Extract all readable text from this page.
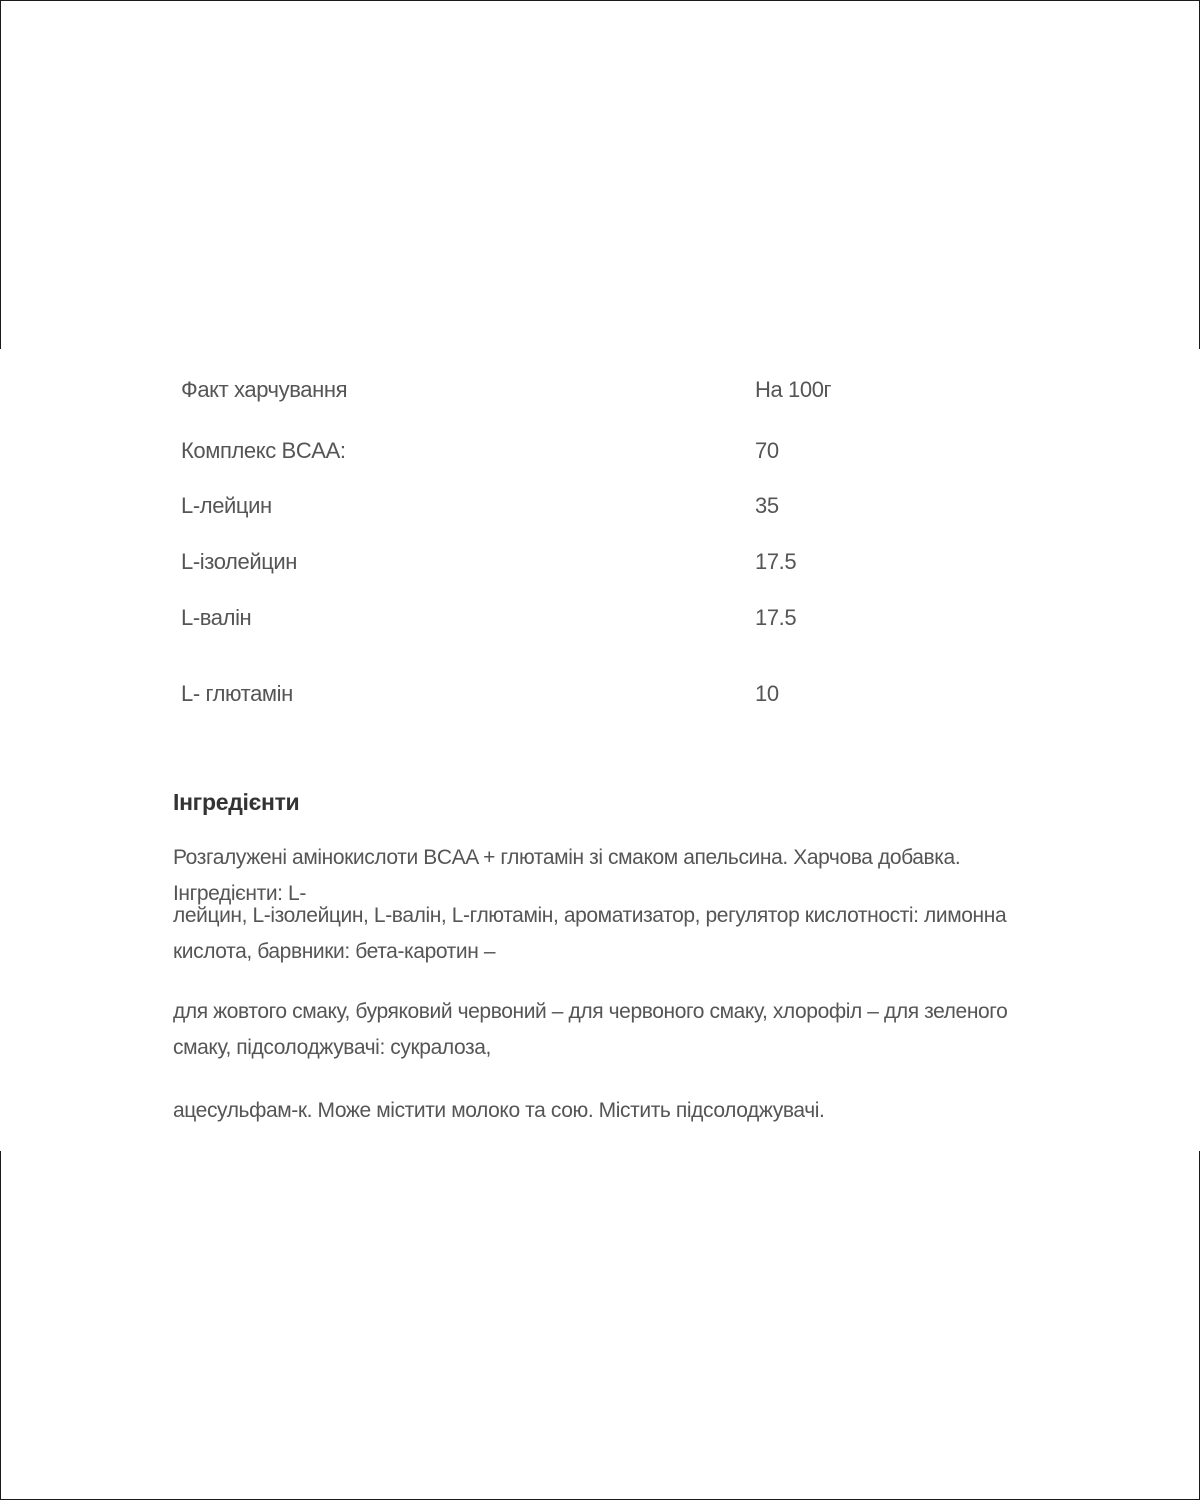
Факт харчування	На 100г
Комплекс BCAA:	70
L-лейцин	35
L-ізолейцин	17.5
L-валін	17.5
L- глютамін	10
Інгредієнти
Розгалужені амінокислоти BCAA + глютамін зі смаком апельсина. Харчова добавка. Інгредієнти: L-
лейцин, L-ізолейцин, L-валін, L-глютамін, ароматизатор, регулятор кислотності: лимонна кислота, барвники: бета-каротин –
для жовтого смаку, буряковий червоний – для червоного смаку, хлорофіл – для зеленого смаку, підсолоджувачі: сукралоза,
ацесульфам-к. Може містити молоко та сою. Містить підсолоджувачі.
